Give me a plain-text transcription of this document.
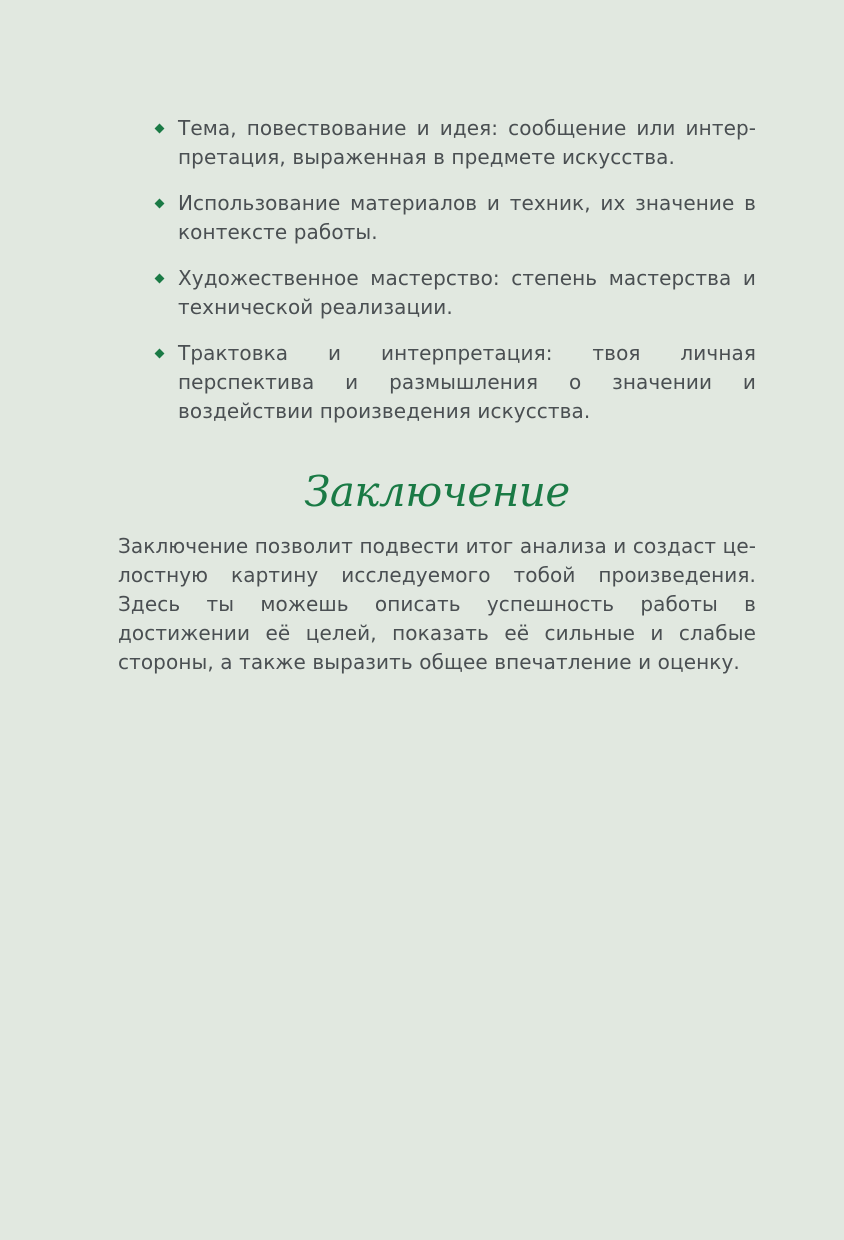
Тема, повествование и идея: сообщение или интерпретация, выраженная в предмете искусства.
Использование материалов и техник, их значение в контексте работы.
Художественное мастерство: степень мастерства и технической реализации.
Трактовка и интерпретация: твоя личная перспектива и размышления о значении и воздействии произведения искусства.
Заключение

Заключение позволит подвести итог анализа и создаст целостную картину исследуемого тобой произведения. Здесь ты можешь описать успешность работы в достижении её целей, показать её сильные и слабые стороны, а также выразить общее впечатление и оценку.
